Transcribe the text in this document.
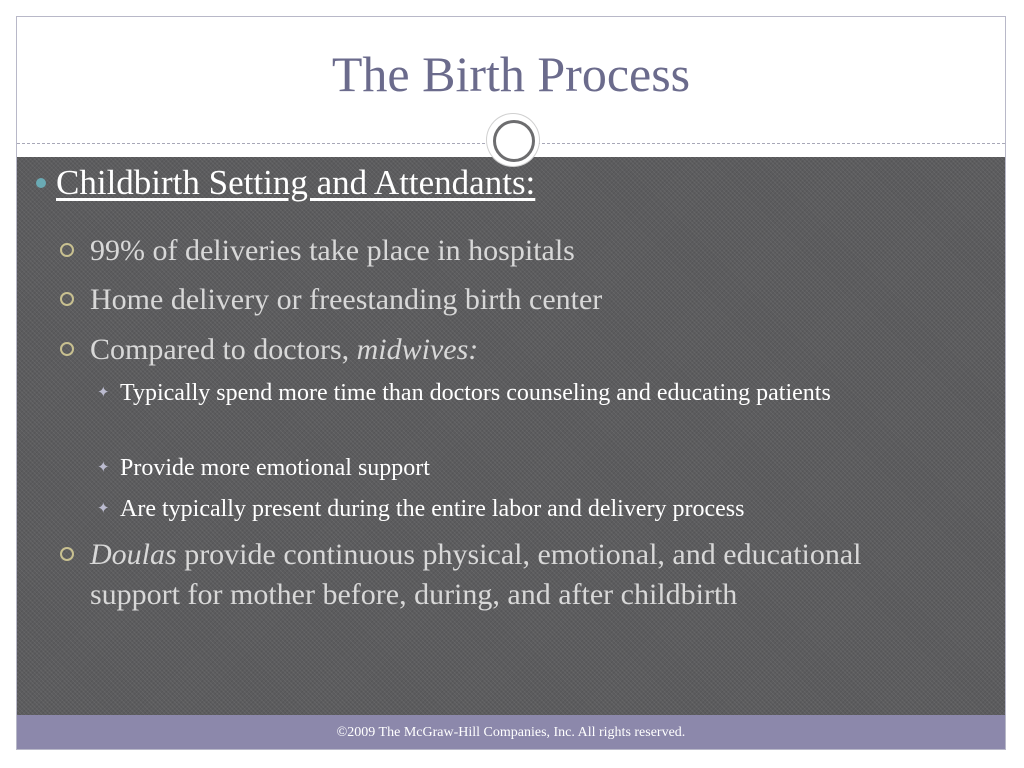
The Birth Process
©2009 The McGraw-Hill Companies, Inc. All rights reserved.
Childbirth Setting and Attendants:
99% of deliveries take place in hospitals
Home delivery or freestanding birth center
Compared to doctors, midwives:
✦ Typically spend more time than doctors counseling and educating patients
✦ Provide more emotional support
✦ Are typically present during the entire labor and delivery process
Doulas provide continuous physical, emotional, and educational support for mother before, during, and after childbirth
